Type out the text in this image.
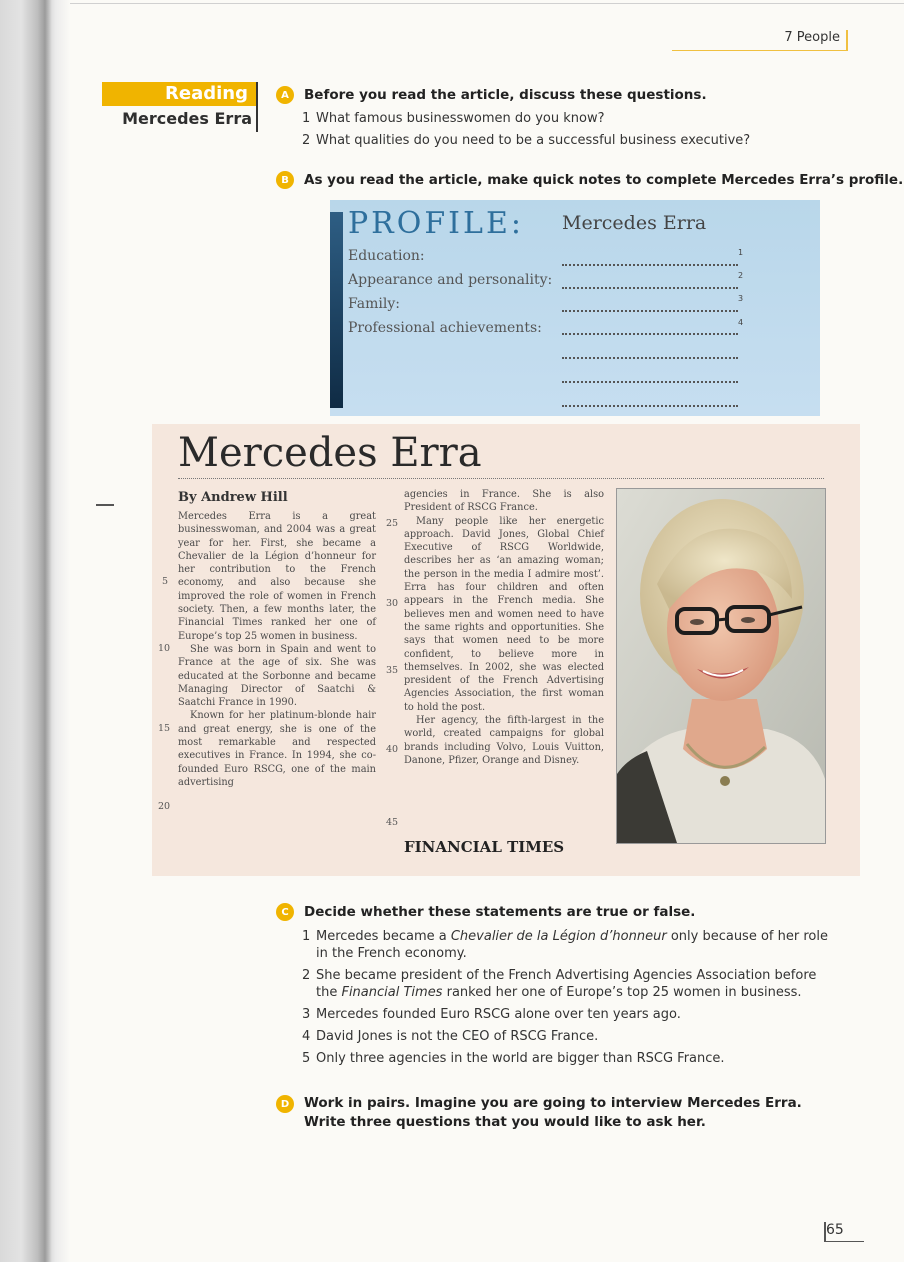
7 People
Reading
Mercedes Erra
A	Before you read the article, discuss these questions.
1 What famous businesswomen do you know?
2 What qualities do you need to be a successful business executive?
B	As you read the article, make quick notes to complete Mercedes Erra’s profile.
PROFILE: Mercedes Erra
Education:	1
Appearance and personality:	2
Family:	3
Professional achievements:	4
Mercedes Erra
By Andrew Hill

Mercedes Erra is a great businesswoman, and 2004 was a great year for her. First, she became a Chevalier de la Légion d’honneur for her contribution to the French economy, and also because she improved the role of women in French society. Then, a few months later, the Financial Times ranked her one of Europe’s top 25 women in business.

She was born in Spain and went to France at the age of six. She was educated at the Sorbonne and became Managing Director of Saatchi & Saatchi France in 1990.

Known for her platinum-blonde hair and great energy, she is one of the most remarkable and respected executives in France. In 1994, she co-founded Euro RSCG, one of the main advertising

5
10
15
20

agencies in France. She is also President of RSCG France.

Many people like her energetic approach. David Jones, Global Chief Executive of RSCG Worldwide, describes her as ‘an amazing woman; the person in the media I admire most’. Erra has four children and often appears in the French media. She believes men and women need to have the same rights and opportunities. She says that women need to be more confident, to believe more in themselves. In 2002, she was elected president of the French Advertising Agencies Association, the first woman to hold the post.

Her agency, the fifth-largest in the world, created campaigns for global brands including Volvo, Louis Vuitton, Danone, Pfizer, Orange and Disney.

25
30
35
40
45
FINANCIAL TIMES
C	Decide whether these statements are true or false.
1 Mercedes became a Chevalier de la Légion d’honneur only because of her role in the French economy.
2 She became president of the French Advertising Agencies Association before the Financial Times ranked her one of Europe’s top 25 women in business.
3 Mercedes founded Euro RSCG alone over ten years ago.
4 David Jones is not the CEO of RSCG France.
5 Only three agencies in the world are bigger than RSCG France.
D	Work in pairs. Imagine you are going to interview Mercedes Erra. Write three questions that you would like to ask her.
65
